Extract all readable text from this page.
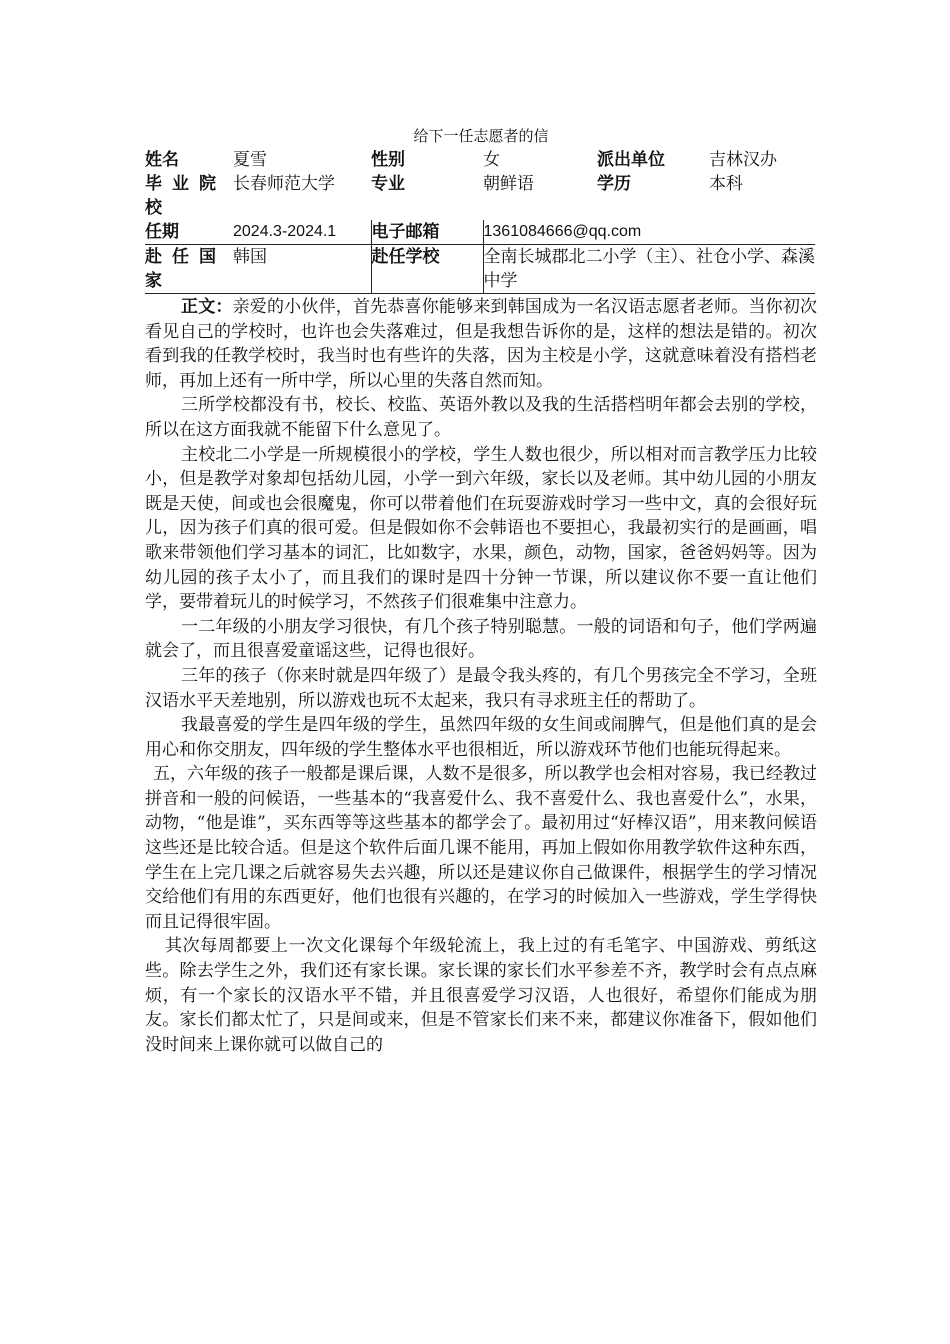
给下一任志愿者的信
姓名	夏雪	性别	女	派出单位	吉林汉办
毕业院校	长春师范大学	专业	朝鲜语	学历	本科
任期	2024.3-2024.1	电子邮箱	1361084666@qq.com		
赴任国家	韩国	赴任学校	全南长城郡北二小学（主）、社仓小学、森溪中学		

正文：亲爱的小伙伴，首先恭喜你能够来到韩国成为一名汉语志愿者老师。当你初次看见自己的学校时，也许也会失落难过，但是我想告诉你的是，这样的想法是错的。初次看到我的任教学校时，我当时也有些许的失落，因为主校是小学，这就意味着没有搭档老师，再加上还有一所中学，所以心里的失落自然而知。

三所学校都没有书，校长、校监、英语外教以及我的生活搭档明年都会去别的学校，所以在这方面我就不能留下什么意见了。

主校北二小学是一所规模很小的学校，学生人数也很少，所以相对而言教学压力比较小，但是教学对象却包括幼儿园，小学一到六年级，家长以及老师。其中幼儿园的小朋友既是天使，间或也会很魔鬼，你可以带着他们在玩耍游戏时学习一些中文，真的会很好玩儿，因为孩子们真的很可爱。但是假如你不会韩语也不要担心，我最初实行的是画画，唱歌来带领他们学习基本的词汇，比如数字，水果，颜色，动物，国家，爸爸妈妈等。因为幼儿园的孩子太小了，而且我们的课时是四十分钟一节课，所以建议你不要一直让他们学，要带着玩儿的时候学习，不然孩子们很难集中注意力。

一二年级的小朋友学习很快，有几个孩子特别聪慧。一般的词语和句子，他们学两遍就会了，而且很喜爱童谣这些，记得也很好。

三年的孩子（你来时就是四年级了）是最令我头疼的，有几个男孩完全不学习，全班汉语水平天差地别，所以游戏也玩不太起来，我只有寻求班主任的帮助了。

我最喜爱的学生是四年级的学生，虽然四年级的女生间或闹脾气，但是他们真的是会用心和你交朋友，四年级的学生整体水平也很相近，所以游戏环节他们也能玩得起来。

五，六年级的孩子一般都是课后课，人数不是很多，所以教学也会相对容易，我已经教过拼音和一般的问候语，一些基本的“我喜爱什么、我不喜爱什么、我也喜爱什么”，水果，动物，“他是谁”，买东西等等这些基本的都学会了。最初用过“好棒汉语”，用来教问候语这些还是比较合适。但是这个软件后面几课不能用，再加上假如你用教学软件这种东西，学生在上完几课之后就容易失去兴趣，所以还是建议你自己做课件，根据学生的学习情况交给他们有用的东西更好，他们也很有兴趣的，在学习的时候加入一些游戏，学生学得快而且记得很牢固。

其次每周都要上一次文化课每个年级轮流上，我上过的有毛笔字、中国游戏、剪纸这些。除去学生之外，我们还有家长课。家长课的家长们水平参差不齐，教学时会有点点麻烦，有一个家长的汉语水平不错，并且很喜爱学习汉语，人也很好，希望你们能成为朋友。家长们都太忙了，只是间或来，但是不管家长们来不来，都建议你准备下，假如他们没时间来上课你就可以做自己的
